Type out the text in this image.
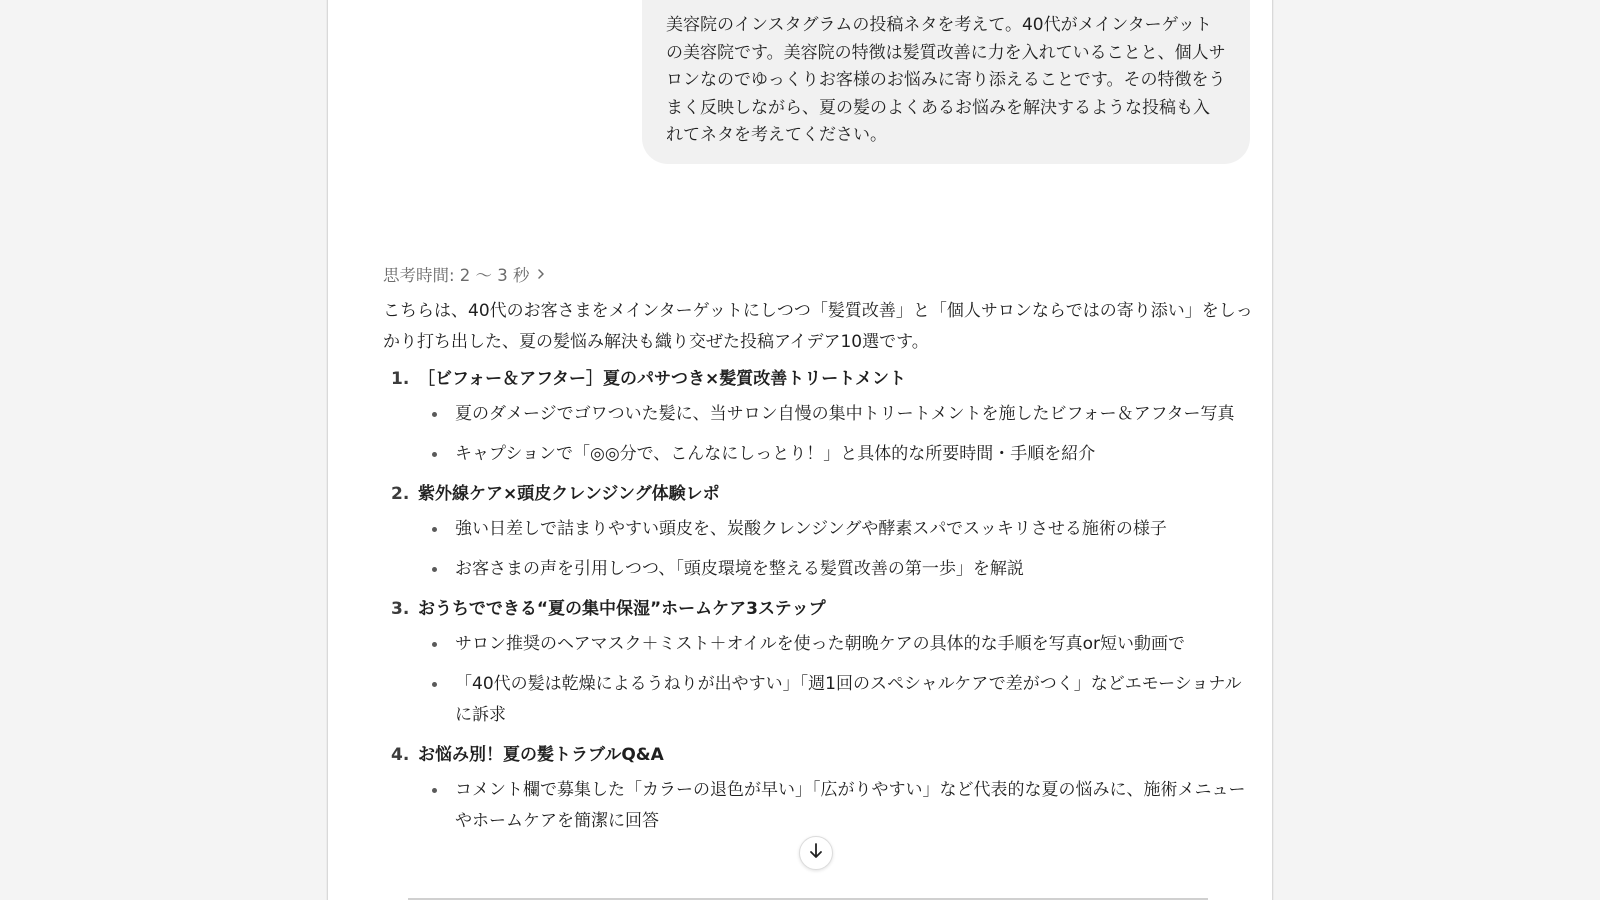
美容院のインスタグラムの投稿ネタを考えて。40代がメインターゲットの美容院です。美容院の特徴は髪質改善に力を入れていることと、個人サロンなのでゆっくりお客様のお悩みに寄り添えることです。その特徴をうまく反映しながら、夏の髪のよくあるお悩みを解決するような投稿も入れてネタを考えてください。
思考時間: 2 〜 3 秒

こちらは、40代のお客さまをメインターゲットにしつつ「髪質改善」と「個人サロンならではの寄り添い」をしっかり打ち出した、夏の髪悩み解決も織り交ぜた投稿アイデア10選です。

1. ［ビフォー＆アフター］夏のパサつき×髪質改善トリートメント
夏のダメージでゴワついた髪に、当サロン自慢の集中トリートメントを施したビフォー＆アフター写真
キャプションで「◎◎分で、こんなにしっとり！」と具体的な所要時間・手順を紹介
2. 紫外線ケア×頭皮クレンジング体験レポ
強い日差しで詰まりやすい頭皮を、炭酸クレンジングや酵素スパでスッキリさせる施術の様子
お客さまの声を引用しつつ、「頭皮環境を整える髪質改善の第一歩」を解説
3. おうちでできる“夏の集中保湿”ホームケア3ステップ
サロン推奨のヘアマスク＋ミスト＋オイルを使った朝晩ケアの具体的な手順を写真or短い動画で
「40代の髪は乾燥によるうねりが出やすい」「週1回のスペシャルケアで差がつく」などエモーショナルに訴求
4. お悩み別！夏の髪トラブルQ&A
コメント欄で募集した「カラーの退色が早い」「広がりやすい」など代表的な夏の悩みに、施術メニューやホームケアを簡潔に回答
